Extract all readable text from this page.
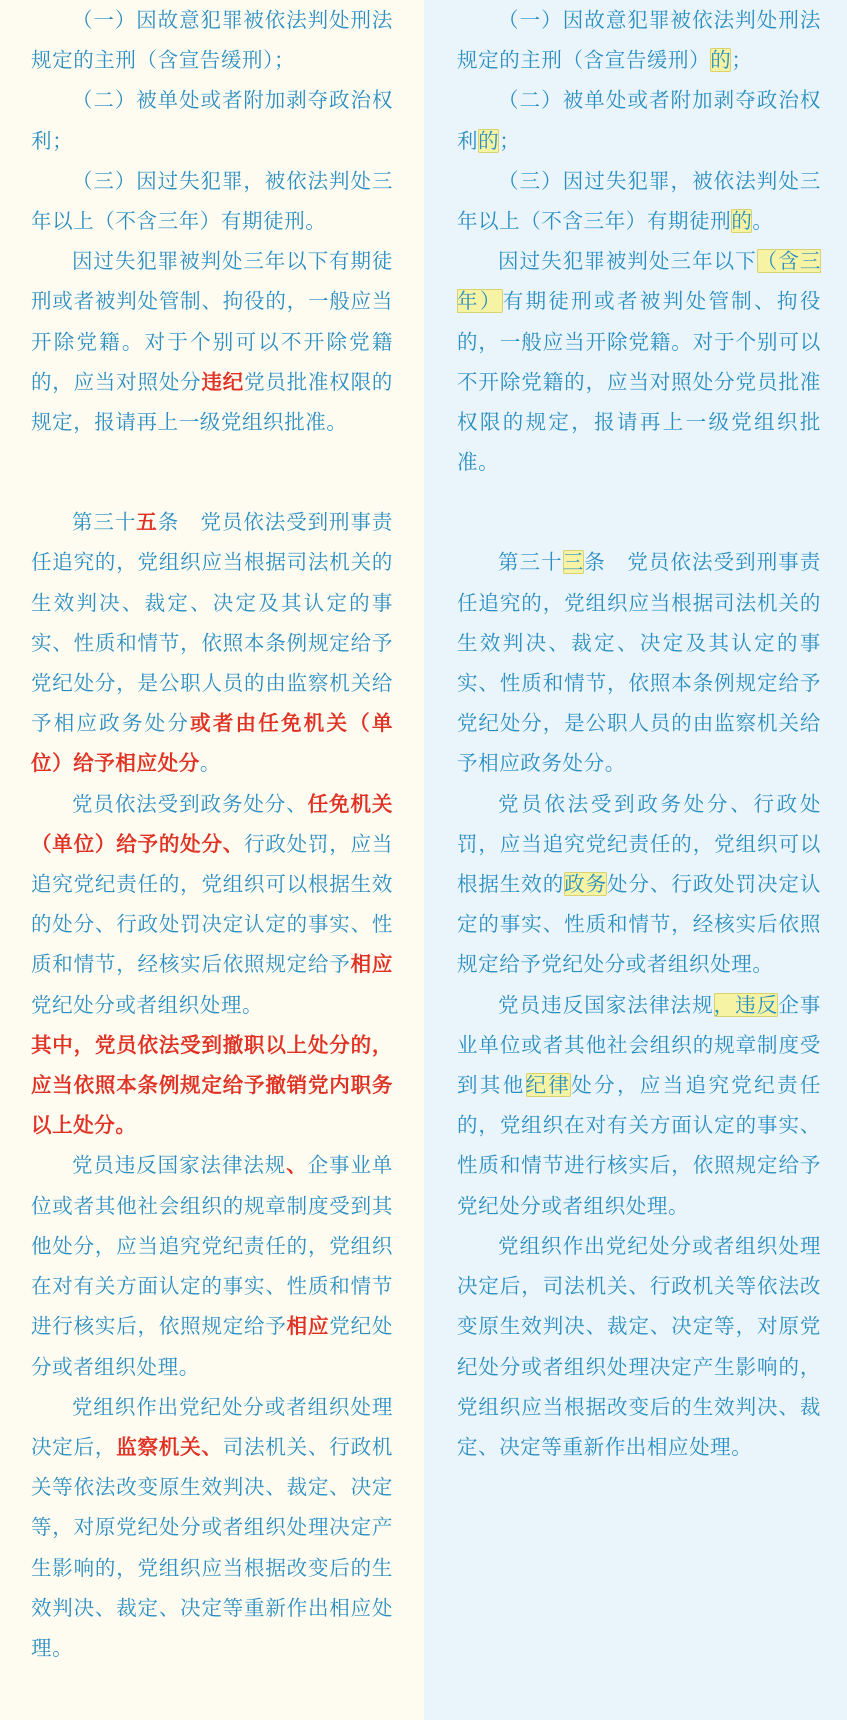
（一）因故意犯罪被依法判处刑法规定的主刑（含宣告缓刑）；

（二）被单处或者附加剥夺政治权利；

（三）因过失犯罪，被依法判处三年以上（不含三年）有期徒刑。

因过失犯罪被判处三年以下有期徒刑或者被判处管制、拘役的，一般应当开除党籍。对于个别可以不开除党籍的，应当对照处分违纪党员批准权限的规定，报请再上一级党组织批准。

第三十五条　党员依法受到刑事责任追究的，党组织应当根据司法机关的生效判决、裁定、决定及其认定的事实、性质和情节，依照本条例规定给予党纪处分，是公职人员的由监察机关给予相应政务处分或者由任免机关（单位）给予相应处分。

党员依法受到政务处分、任免机关（单位）给予的处分、行政处罚，应当追究党纪责任的，党组织可以根据生效的处分、行政处罚决定认定的事实、性质和情节，经核实后依照规定给予相应党纪处分或者组织处理。

其中，党员依法受到撤职以上处分的，应当依照本条例规定给予撤销党内职务以上处分。

党员违反国家法律法规、企事业单位或者其他社会组织的规章制度受到其他处分，应当追究党纪责任的，党组织在对有关方面认定的事实、性质和情节进行核实后，依照规定给予相应党纪处分或者组织处理。

党组织作出党纪处分或者组织处理决定后，监察机关、司法机关、行政机关等依法改变原生效判决、裁定、决定等，对原党纪处分或者组织处理决定产生影响的，党组织应当根据改变后的生效判决、裁定、决定等重新作出相应处理。

（一）因故意犯罪被依法判处刑法规定的主刑（含宣告缓刑）的；

（二）被单处或者附加剥夺政治权利的；

（三）因过失犯罪，被依法判处三年以上（不含三年）有期徒刑的。

因过失犯罪被判处三年以下（含三年）有期徒刑或者被判处管制、拘役的，一般应当开除党籍。对于个别可以不开除党籍的，应当对照处分党员批准权限的规定，报请再上一级党组织批准。

第三十三条　党员依法受到刑事责任追究的，党组织应当根据司法机关的生效判决、裁定、决定及其认定的事实、性质和情节，依照本条例规定给予党纪处分，是公职人员的由监察机关给予相应政务处分。

党员依法受到政务处分、行政处罚，应当追究党纪责任的，党组织可以根据生效的政务处分、行政处罚决定认定的事实、性质和情节，经核实后依照规定给予党纪处分或者组织处理。

党员违反国家法律法规，违反企事业单位或者其他社会组织的规章制度受到其他纪律处分，应当追究党纪责任的，党组织在对有关方面认定的事实、性质和情节进行核实后，依照规定给予党纪处分或者组织处理。

党组织作出党纪处分或者组织处理决定后，司法机关、行政机关等依法改变原生效判决、裁定、决定等，对原党纪处分或者组织处理决定产生影响的，党组织应当根据改变后的生效判决、裁定、决定等重新作出相应处理。
